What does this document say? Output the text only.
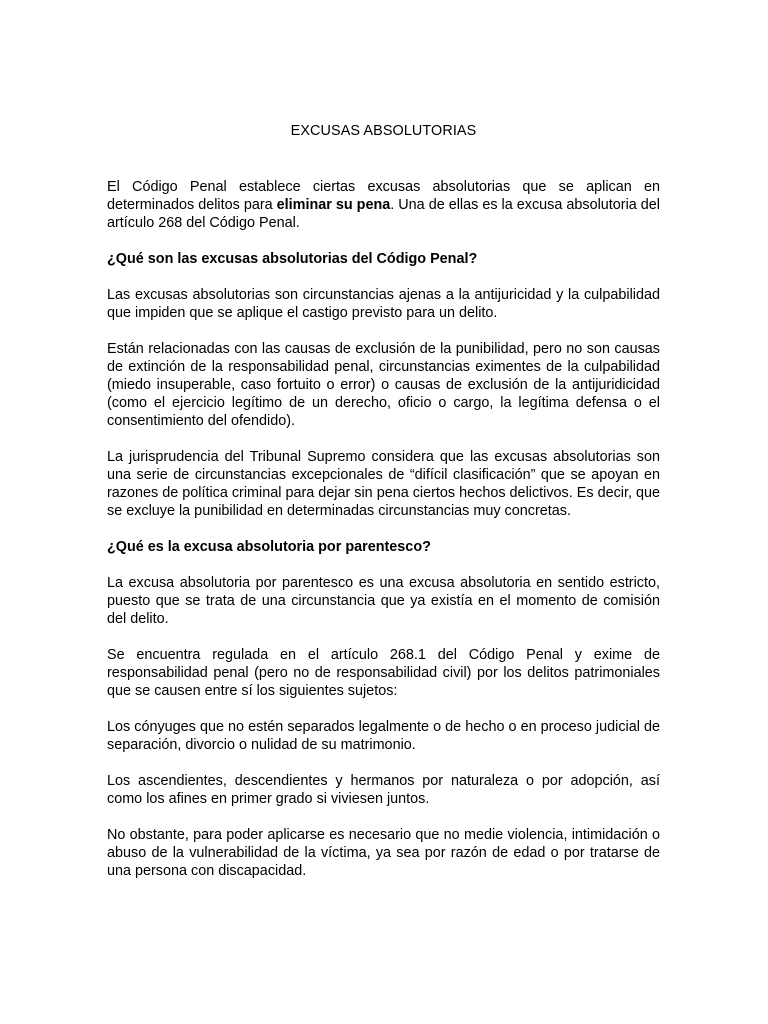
EXCUSAS ABSOLUTORIAS

El Código Penal establece ciertas excusas absolutorias que se aplican en determinados delitos para eliminar su pena. Una de ellas es la excusa absolutoria del artículo 268 del Código Penal.

¿Qué son las excusas absolutorias del Código Penal?

Las excusas absolutorias son circunstancias ajenas a la antijuricidad y la culpabilidad que impiden que se aplique el castigo previsto para un delito.

Están relacionadas con las causas de exclusión de la punibilidad, pero no son causas de extinción de la responsabilidad penal, circunstancias eximentes de la culpabilidad (miedo insuperable, caso fortuito o error) o causas de exclusión de la antijuridicidad (como el ejercicio legítimo de un derecho, oficio o cargo, la legítima defensa o el consentimiento del ofendido).

La jurisprudencia del Tribunal Supremo considera que las excusas absolutorias son una serie de circunstancias excepcionales de “difícil clasificación” que se apoyan en razones de política criminal para dejar sin pena ciertos hechos delictivos. Es decir, que se excluye la punibilidad en determinadas circunstancias muy concretas.

¿Qué es la excusa absolutoria por parentesco?

La excusa absolutoria por parentesco es una excusa absolutoria en sentido estricto, puesto que se trata de una circunstancia que ya existía en el momento de comisión del delito.

Se encuentra regulada en el artículo 268.1 del Código Penal y exime de responsabilidad penal (pero no de responsabilidad civil) por los delitos patrimoniales que se causen entre sí los siguientes sujetos:

Los cónyuges que no estén separados legalmente o de hecho o en proceso judicial de separación, divorcio o nulidad de su matrimonio.

Los ascendientes, descendientes y hermanos por naturaleza o por adopción, así como los afines en primer grado si viviesen juntos.

No obstante, para poder aplicarse es necesario que no medie violencia, intimidación o abuso de la vulnerabilidad de la víctima, ya sea por razón de edad o por tratarse de una persona con discapacidad.
